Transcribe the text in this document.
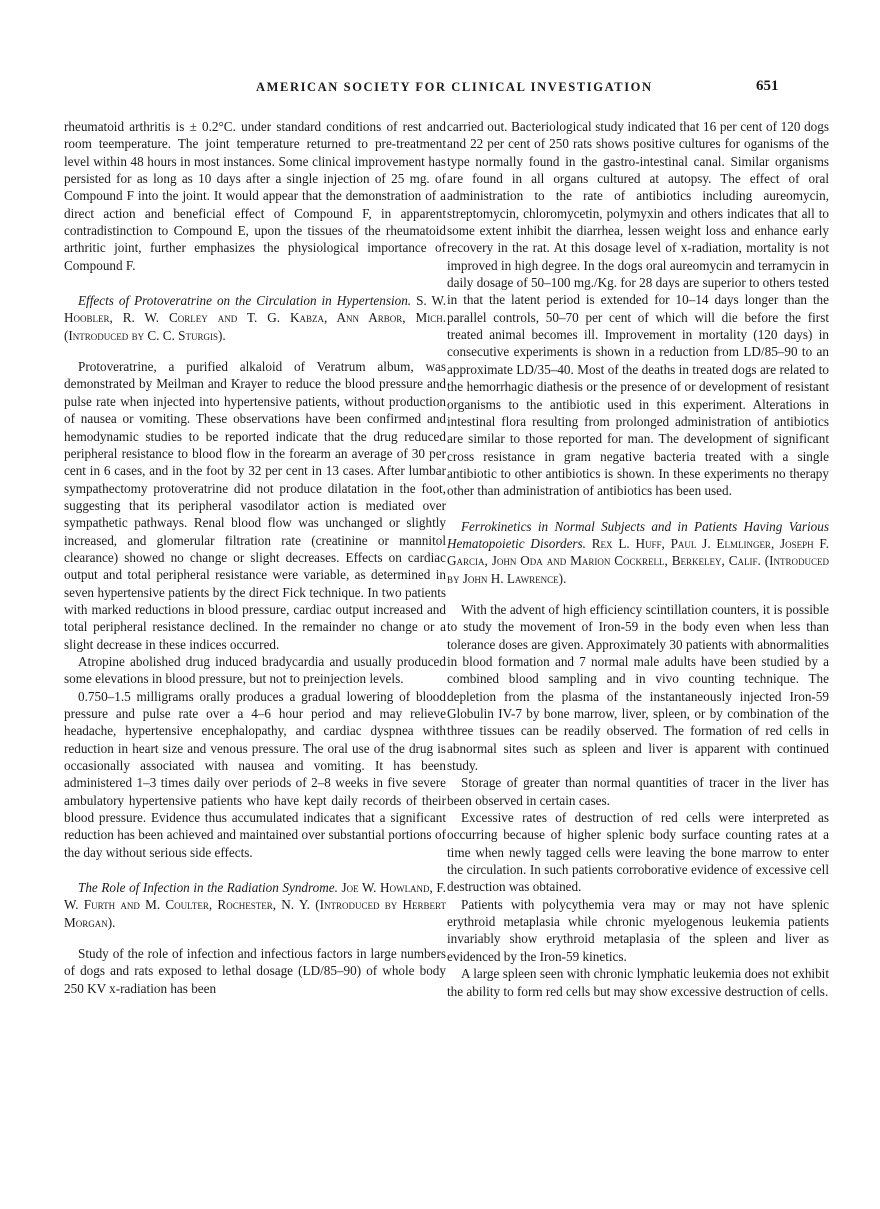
AMERICAN SOCIETY FOR CLINICAL INVESTIGATION	651

rheumatoid arthritis is ± 0.2°C. under standard conditions of rest and room teemperature. The joint temperature returned to pre-treatment level within 48 hours in most instances. Some clinical improvement has persisted for as long as 10 days after a single injection of 25 mg. of Compound F into the joint. It would appear that the demonstration of a direct action and beneficial effect of Compound F, in apparent contradistinction to Compound E, upon the tissues of the rheumatoid arthritic joint, further emphasizes the physiological importance of Compound F.

Effects of Protoveratrine on the Circulation in Hypertension. S. W. Hoobler, R. W. Corley and T. G. Kabza, Ann Arbor, Mich. (Introduced by C. C. Sturgis).

Protoveratrine, a purified alkaloid of Veratrum album, was demonstrated by Meilman and Krayer to reduce the blood pressure and pulse rate when injected into hypertensive patients, without production of nausea or vomiting. These observations have been confirmed and hemodynamic studies to be reported indicate that the drug reduced peripheral resistance to blood flow in the forearm an average of 30 per cent in 6 cases, and in the foot by 32 per cent in 13 cases. After lumbar sympathectomy protoveratrine did not produce dilatation in the foot, suggesting that its peripheral vasodilator action is mediated over sympathetic pathways. Renal blood flow was unchanged or slightly increased, and glomerular filtration rate (creatinine or mannitol clearance) showed no change or slight decreases. Effects on cardiac output and total peripheral resistance were variable, as determined in seven hypertensive patients by the direct Fick technique. In two patients with marked reductions in blood pressure, cardiac output increased and total peripheral resistance declined. In the remainder no change or a slight decrease in these indices occurred.

Atropine abolished drug induced bradycardia and usually produced some elevations in blood pressure, but not to preinjection levels.

0.750–1.5 milligrams orally produces a gradual lowering of blood pressure and pulse rate over a 4–6 hour period and may relieve headache, hypertensive encephalopathy, and cardiac dyspnea with reduction in heart size and venous pressure. The oral use of the drug is occasionally associated with nausea and vomiting. It has been administered 1–3 times daily over periods of 2–8 weeks in five severe ambulatory hypertensive patients who have kept daily records of their blood pressure. Evidence thus accumulated indicates that a significant reduction has been achieved and maintained over substantial portions of the day without serious side effects.

The Role of Infection in the Radiation Syndrome. Joe W. Howland, F. W. Furth and M. Coulter, Rochester, N. Y. (Introduced by Herbert Morgan).

Study of the role of infection and infectious factors in large numbers of dogs and rats exposed to lethal dosage (LD/85–90) of whole body 250 KV x-radiation has been

carried out. Bacteriological study indicated that 16 per cent of 120 dogs and 22 per cent of 250 rats shows positive cultures for oganisms of the type normally found in the gastro-intestinal canal. Similar organisms are found in all organs cultured at autopsy. The effect of oral administration to the rate of antibiotics including aureomycin, streptomycin, chloromycetin, polymyxin and others indicates that all to some extent inhibit the diarrhea, lessen weight loss and enhance early recovery in the rat. At this dosage level of x-radiation, mortality is not improved in high degree. In the dogs oral aureomycin and terramycin in daily dosage of 50–100 mg./Kg. for 28 days are superior to others tested in that the latent period is extended for 10–14 days longer than the parallel controls, 50–70 per cent of which will die before the first treated animal becomes ill. Improvement in mortality (120 days) in consecutive experiments is shown in a reduction from LD/85–90 to an approximate LD/35–40. Most of the deaths in treated dogs are related to the hemorrhagic diathesis or the presence of or development of resistant organisms to the antibiotic used in this experiment. Alterations in intestinal flora resulting from prolonged administration of antibiotics are similar to those reported for man. The development of significant cross resistance in gram negative bacteria treated with a single antibiotic to other antibiotics is shown. In these experiments no therapy other than administration of antibiotics has been used.

Ferrokinetics in Normal Subjects and in Patients Having Various Hematopoietic Disorders. Rex L. Huff, Paul J. Elmlinger, Joseph F. Garcia, John Oda and Marion Cockrell, Berkeley, Calif. (Introduced by John H. Lawrence).

With the advent of high efficiency scintillation counters, it is possible to study the movement of Iron-59 in the body even when less than tolerance doses are given. Approximately 30 patients with abnormalities in blood formation and 7 normal male adults have been studied by a combined blood sampling and in vivo counting technique. The depletion from the plasma of the instantaneously injected Iron-59 Globulin IV-7 by bone marrow, liver, spleen, or by combination of the three tissues can be readily observed. The formation of red cells in abnormal sites such as spleen and liver is apparent with continued study.

Storage of greater than normal quantities of tracer in the liver has been observed in certain cases.

Excessive rates of destruction of red cells were interpreted as occurring because of higher splenic body surface counting rates at a time when newly tagged cells were leaving the bone marrow to enter the circulation. In such patients corroborative evidence of excessive cell destruction was obtained.

Patients with polycythemia vera may or may not have splenic erythroid metaplasia while chronic myelogenous leukemia patients invariably show erythroid metaplasia of the spleen and liver as evidenced by the Iron-59 kinetics.

A large spleen seen with chronic lymphatic leukemia does not exhibit the ability to form red cells but may show excessive destruction of cells.
